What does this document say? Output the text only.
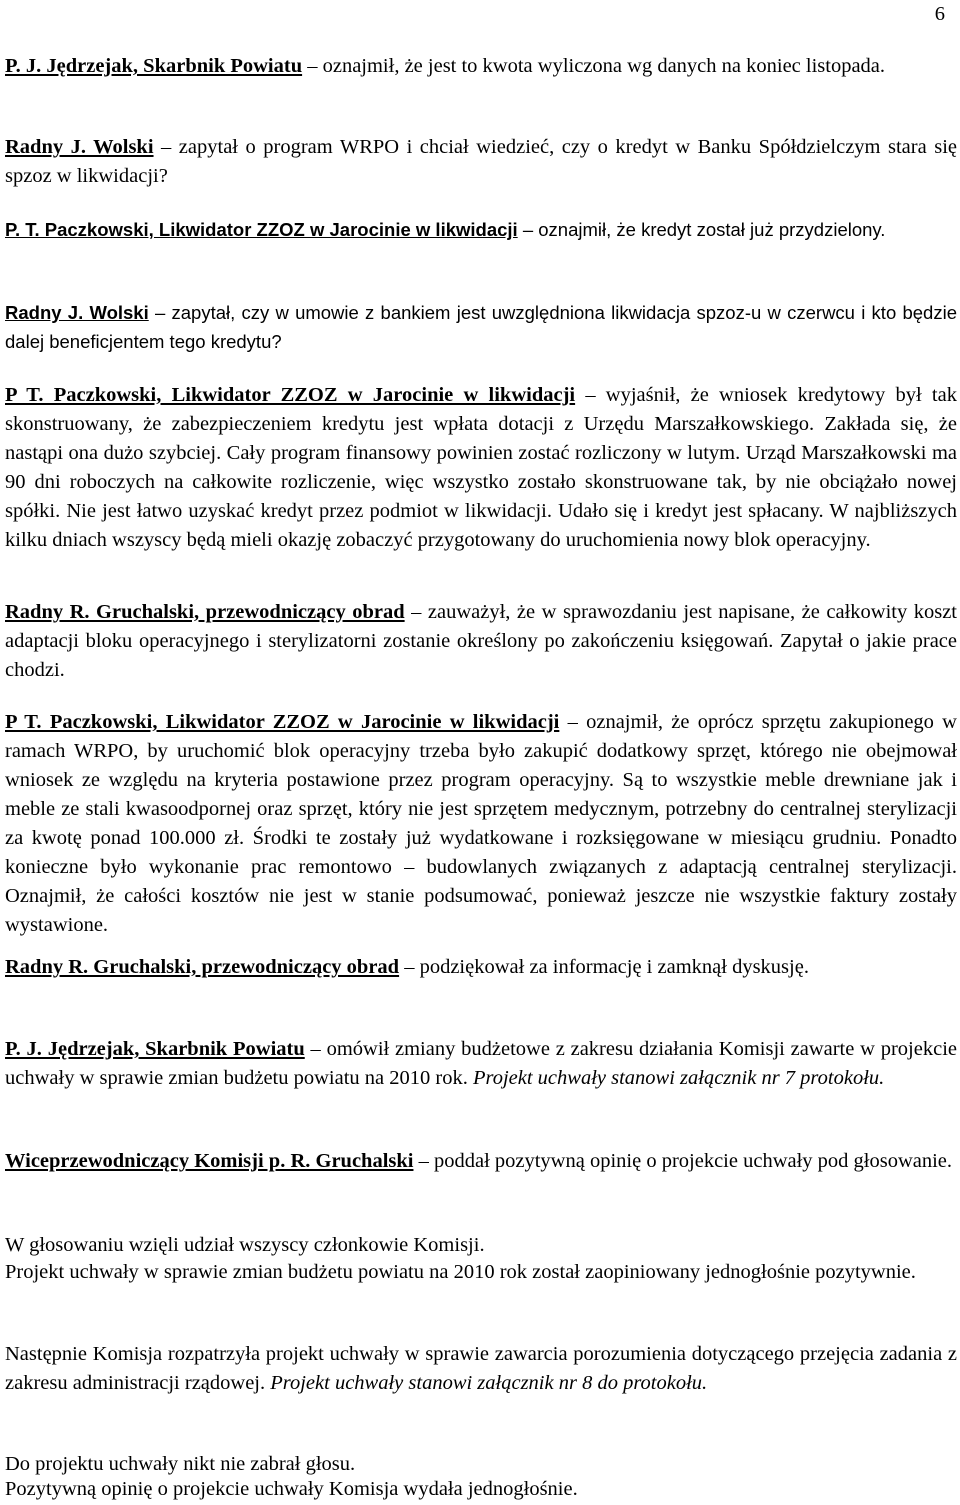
6

P. J. Jędrzejak, Skarbnik Powiatu – oznajmił, że jest to kwota wyliczona wg danych na koniec listopada.

Radny J. Wolski – zapytał o program WRPO i chciał wiedzieć, czy o kredyt w Banku Spółdzielczym stara się spzoz w likwidacji?

P. T. Paczkowski, Likwidator ZZOZ w Jarocinie w likwidacji – oznajmił, że kredyt został już przydzielony.

Radny J. Wolski – zapytał, czy w umowie z bankiem jest uwzględniona likwidacja spzoz-u w czerwcu i kto będzie dalej beneficjentem tego kredytu?

P T. Paczkowski, Likwidator ZZOZ w Jarocinie w likwidacji – wyjaśnił, że wniosek kredytowy był tak skonstruowany, że zabezpieczeniem kredytu jest wpłata dotacji z Urzędu Marszałkowskiego. Zakłada się, że nastąpi ona dużo szybciej. Cały program finansowy powinien zostać rozliczony w lutym. Urząd Marszałkowski ma 90 dni roboczych na całkowite rozliczenie, więc wszystko zostało skonstruowane tak, by nie obciążało nowej spółki. Nie jest łatwo uzyskać kredyt przez podmiot w likwidacji. Udało się i kredyt jest spłacany. W najbliższych kilku dniach wszyscy będą mieli okazję zobaczyć przygotowany do uruchomienia nowy blok operacyjny.

Radny R. Gruchalski, przewodniczący obrad – zauważył, że w sprawozdaniu jest napisane, że całkowity koszt adaptacji bloku operacyjnego i sterylizatorni zostanie określony po zakończeniu księgowań. Zapytał o jakie prace chodzi.

P T. Paczkowski, Likwidator ZZOZ w Jarocinie w likwidacji – oznajmił, że oprócz sprzętu zakupionego w ramach WRPO, by uruchomić blok operacyjny trzeba było zakupić dodatkowy sprzęt, którego nie obejmował wniosek ze względu na kryteria postawione przez program operacyjny. Są to wszystkie meble drewniane jak i meble ze stali kwasoodpornej oraz sprzęt, który nie jest sprzętem medycznym, potrzebny do centralnej sterylizacji za kwotę ponad 100.000 zł. Środki te zostały już wydatkowane i rozksięgowane w miesiącu grudniu. Ponadto konieczne było wykonanie prac remontowo – budowlanych związanych z adaptacją centralnej sterylizacji. Oznajmił, że całości kosztów nie jest w stanie podsumować, ponieważ jeszcze nie wszystkie faktury zostały wystawione.

Radny R. Gruchalski, przewodniczący obrad – podziękował za informację i zamknął dyskusję.

P. J. Jędrzejak, Skarbnik Powiatu – omówił zmiany budżetowe z zakresu działania Komisji zawarte w projekcie uchwały w sprawie zmian budżetu powiatu na 2010 rok. Projekt uchwały stanowi załącznik nr 7 protokołu.

Wiceprzewodniczący Komisji p. R. Gruchalski – poddał pozytywną opinię o projekcie uchwały pod głosowanie.

W głosowaniu wzięli udział wszyscy członkowie Komisji.

Projekt uchwały w sprawie zmian budżetu powiatu na 2010 rok został zaopiniowany jednogłośnie pozytywnie.

Następnie Komisja rozpatrzyła projekt uchwały w sprawie zawarcia porozumienia dotyczącego przejęcia zadania z zakresu administracji rządowej. Projekt uchwały stanowi załącznik nr 8 do protokołu.

Do projektu uchwały nikt nie zabrał głosu.

Pozytywną opinię o projekcie uchwały Komisja wydała jednogłośnie.
